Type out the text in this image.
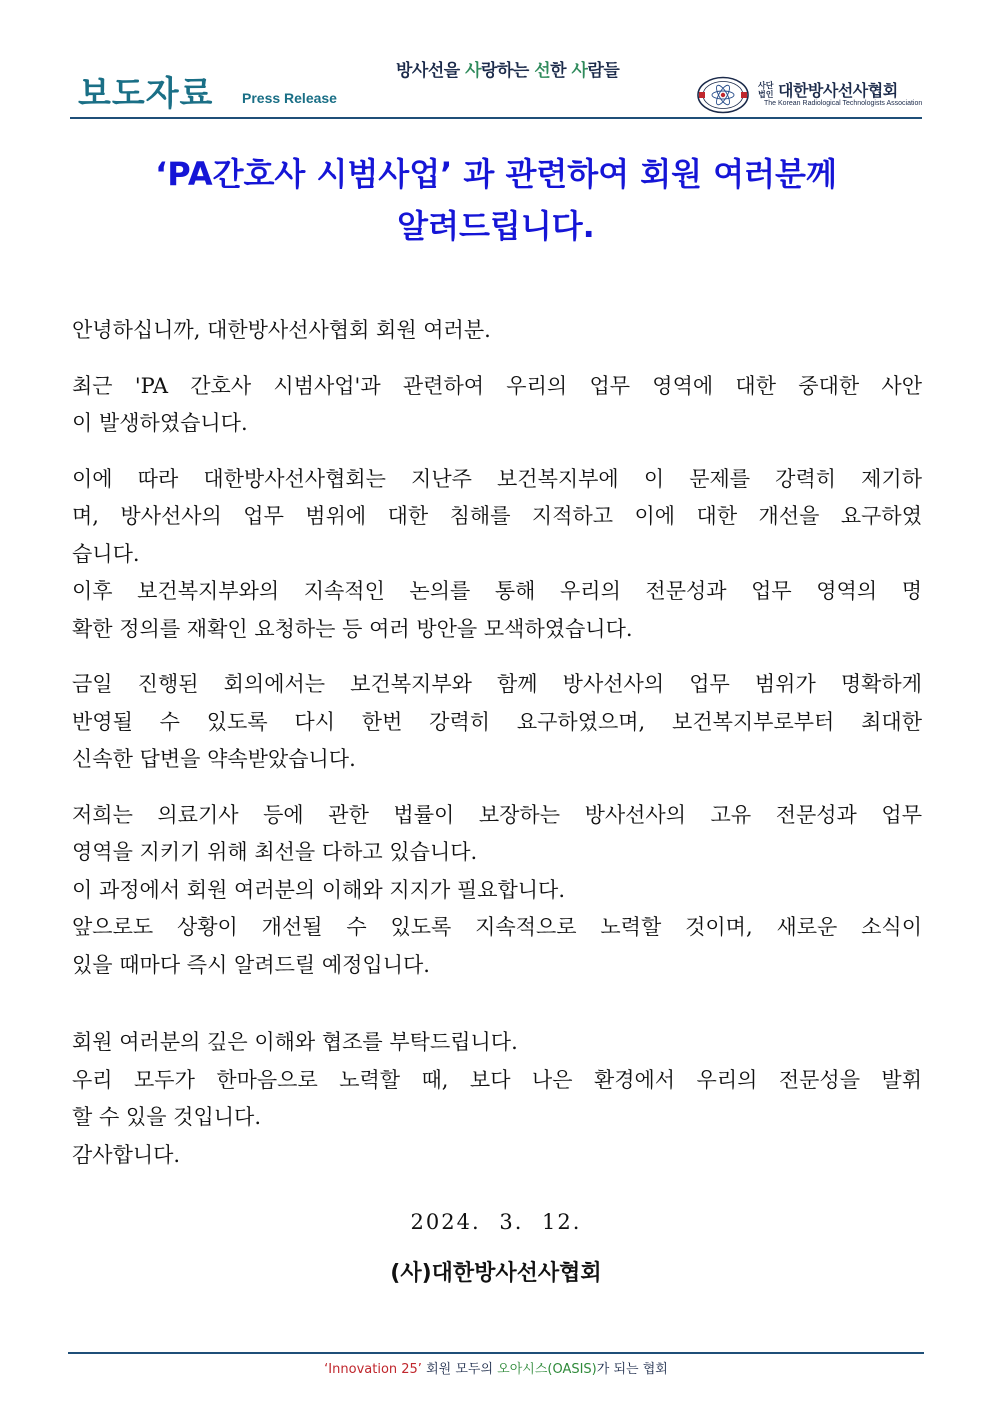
보도자료 Press Release
방사선을 사랑하는 선한 사람들
사단법인 대한방사선사협회
The Korean Radiological Technologists Association
‘PA간호사 시범사업’ 과 관련하여 회원 여러분께
알려드립니다.
안녕하십니까, 대한방사선사협회 회원 여러분.
최근 'PA 간호사 시범사업'과 관련하여 우리의 업무 영역에 대한 중대한 사안
이 발생하였습니다.
이에 따라 대한방사선사협회는 지난주 보건복지부에 이 문제를 강력히 제기하
며, 방사선사의 업무 범위에 대한 침해를 지적하고 이에 대한 개선을 요구하였
습니다.
이후 보건복지부와의 지속적인 논의를 통해 우리의 전문성과 업무 영역의 명
확한 정의를 재확인 요청하는 등 여러 방안을 모색하였습니다.
금일 진행된 회의에서는 보건복지부와 함께 방사선사의 업무 범위가 명확하게
반영될 수 있도록 다시 한번 강력히 요구하였으며, 보건복지부로부터 최대한
신속한 답변을 약속받았습니다.
저희는 의료기사 등에 관한 법률이 보장하는 방사선사의 고유 전문성과 업무
영역을 지키기 위해 최선을 다하고 있습니다.
이 과정에서 회원 여러분의 이해와 지지가 필요합니다.
앞으로도 상황이 개선될 수 있도록 지속적으로 노력할 것이며, 새로운 소식이
있을 때마다 즉시 알려드릴 예정입니다.
회원 여러분의 깊은 이해와 협조를 부탁드립니다.
우리 모두가 한마음으로 노력할 때, 보다 나은 환경에서 우리의 전문성을 발휘
할 수 있을 것입니다.
감사합니다.
2024. 3. 12.
(사)대한방사선사협회
‘Innovation 25’ 회원 모두의 오아시스(OASIS)가 되는 협회
